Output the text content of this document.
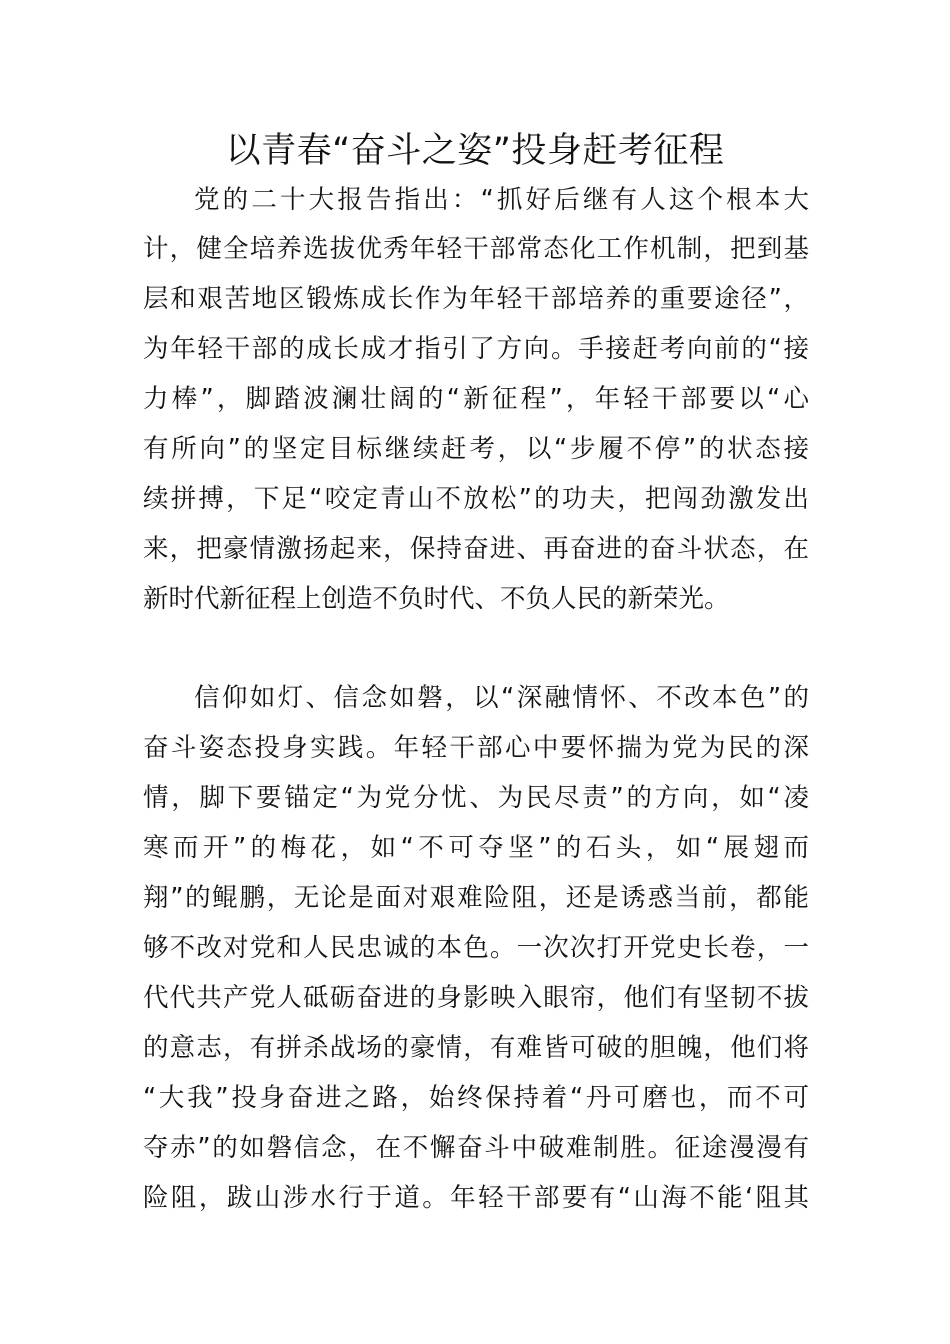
以青春“奋斗之姿”投身赶考征程
党的二十大报告指出：“抓好后继有人这个根本大
计，健全培养选拔优秀年轻干部常态化工作机制，把到基
层和艰苦地区锻炼成长作为年轻干部培养的重要途径”，
为年轻干部的成长成才指引了方向。手接赶考向前的“接
力棒”，脚踏波澜壮阔的“新征程”，年轻干部要以“心
有所向”的坚定目标继续赶考，以“步履不停”的状态接
续拼搏，下足“咬定青山不放松”的功夫，把闯劲激发出
来，把豪情激扬起来，保持奋进、再奋进的奋斗状态，在
新时代新征程上创造不负时代、不负人民的新荣光。
信仰如灯、信念如磐，以“深融情怀、不改本色”的
奋斗姿态投身实践。年轻干部心中要怀揣为党为民的深
情，脚下要锚定“为党分忧、为民尽责”的方向，如“凌
寒而开”的梅花，如“不可夺坚”的石头，如“展翅而
翔”的鲲鹏，无论是面对艰难险阻，还是诱惑当前，都能
够不改对党和人民忠诚的本色。一次次打开党史长卷，一
代代共产党人砥砺奋进的身影映入眼帘，他们有坚韧不拔
的意志，有拼杀战场的豪情，有难皆可破的胆魄，他们将
“大我”投身奋进之路，始终保持着“丹可磨也，而不可
夺赤”的如磐信念，在不懈奋斗中破难制胜。征途漫漫有
险阻，跋山涉水行于道。年轻干部要有“山海不能‘阻其
